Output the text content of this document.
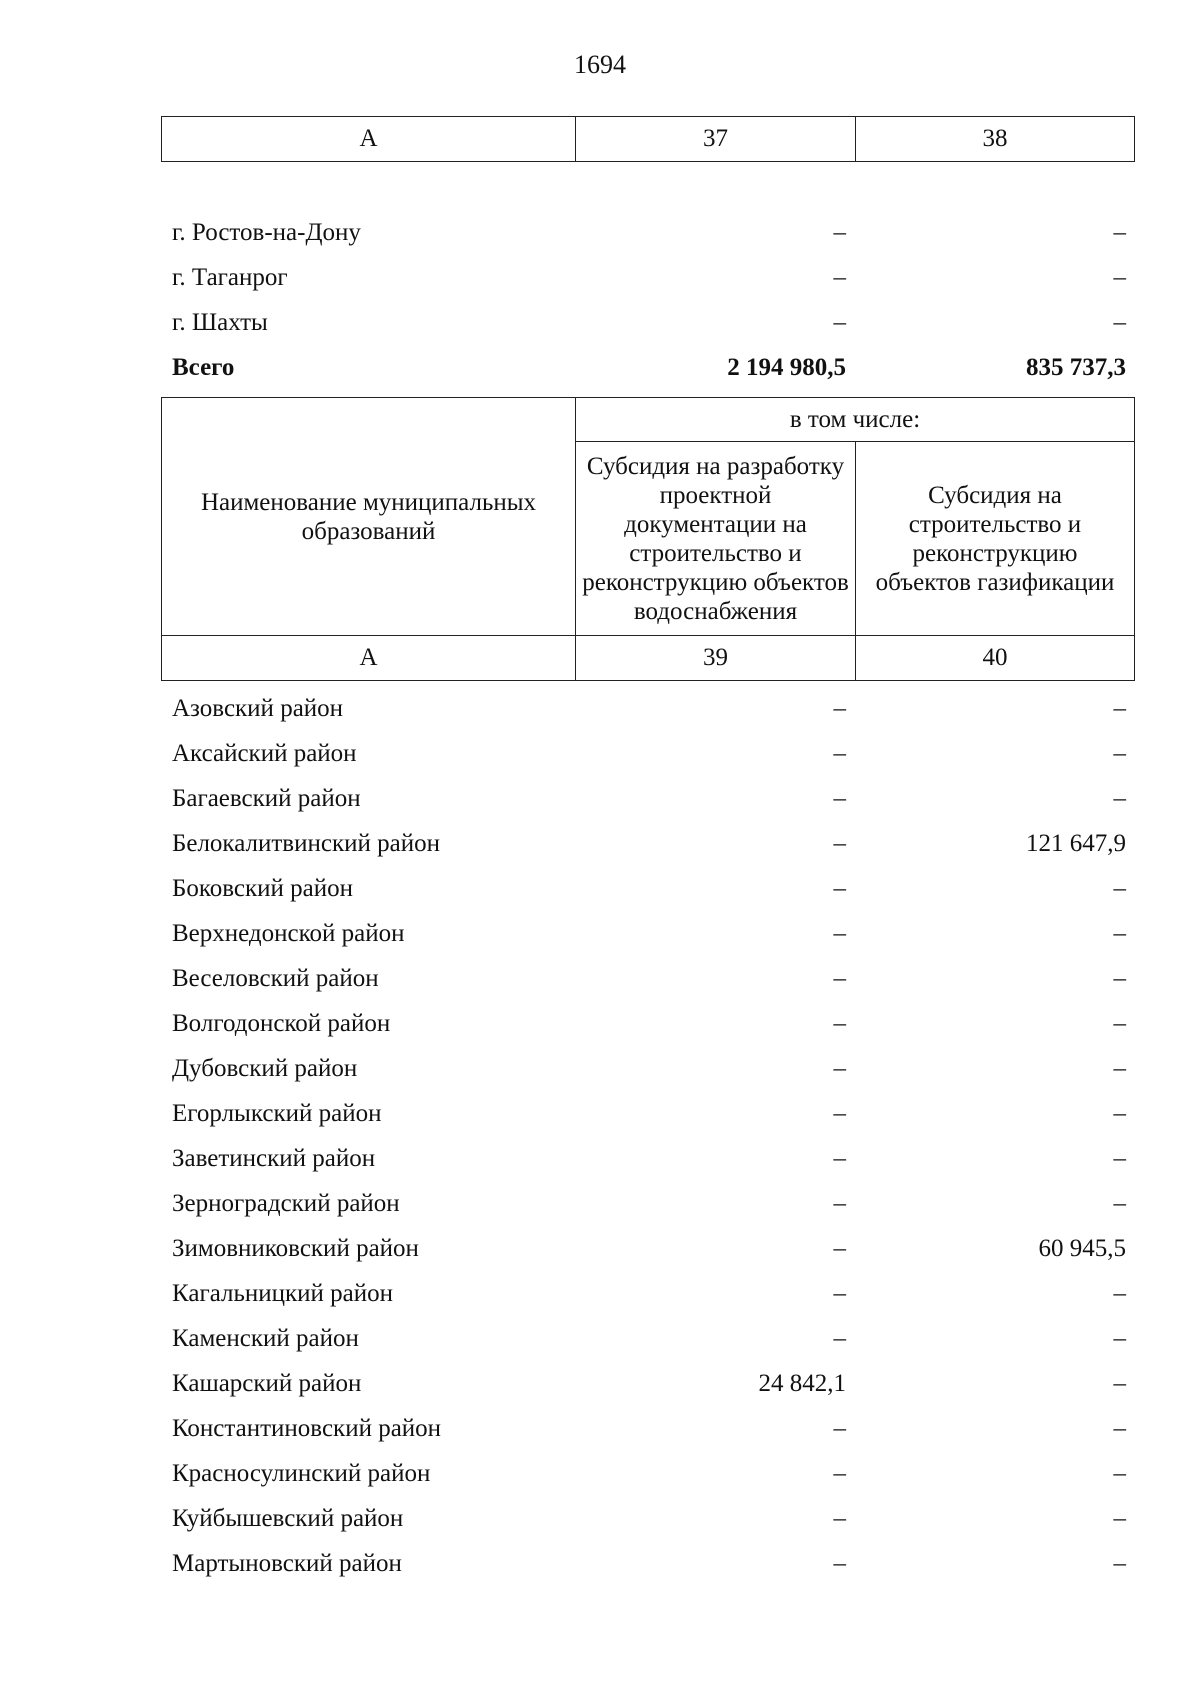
1694
А	37	38
г. Ростов-на-Дону	–	–
г. Таганрог	–	–
г. Шахты	–	–
Всего	2 194 980,5	835 737,3
Наименование муниципальных образований	в том числе:	
	Субсидия на разработку проектной документации на строительство и реконструкцию объектов водоснабжения	Субсидия на строительство и реконструкцию объектов газификации
А	39	40
Азовский район	–	–
Аксайский район	–	–
Багаевский район	–	–
Белокалитвинский район	–	121 647,9
Боковский район	–	–
Верхнедонской район	–	–
Веселовский район	–	–
Волгодонской район	–	–
Дубовский район	–	–
Егорлыкский район	–	–
Заветинский район	–	–
Зерноградский район	–	–
Зимовниковский район	–	60 945,5
Кагальницкий район	–	–
Каменский район	–	–
Кашарский район	24 842,1	–
Константиновский район	–	–
Красносулинский район	–	–
Куйбышевский район	–	–
Мартыновский район	–	–
